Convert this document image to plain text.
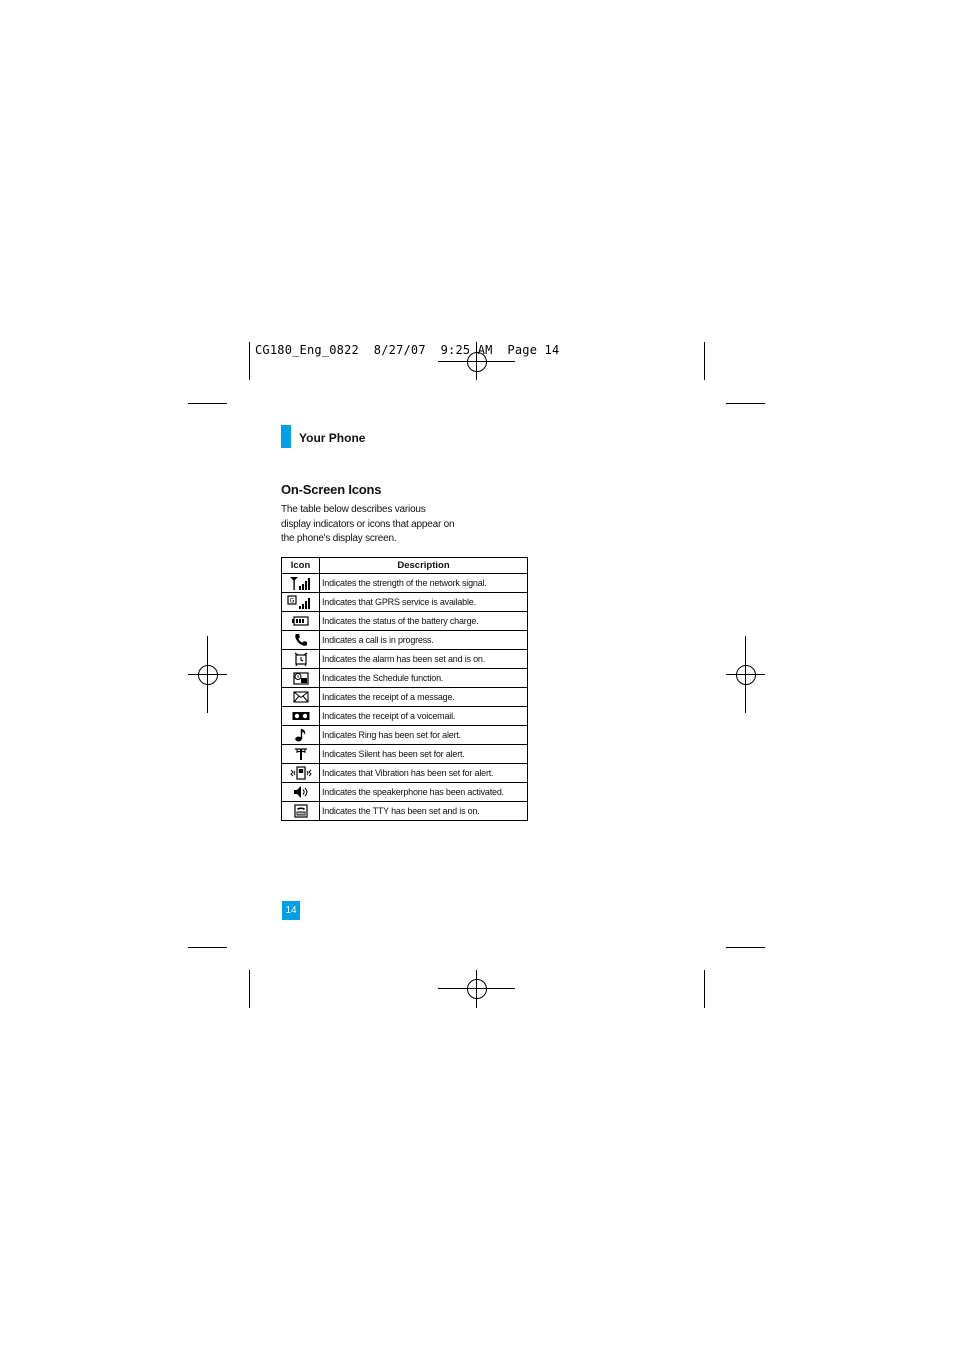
CG180_Eng_0822  8/27/07  9:25 AM  Page 14
Your Phone
On-Screen Icons
The table below describes various
display indicators or icons that appear on
the phone's display screen.
Icon	Description

	Indicates the strength of the network signal.

G	Indicates that GPRS service is available.

	Indicates the status of the battery charge.

	Indicates a call is in progress.

	Indicates the alarm has been set and is on.

	Indicates the Schedule function.

	Indicates the receipt of a message.

	Indicates the receipt of a voicemail.

	Indicates Ring has been set for alert.

	Indicates Silent has been set for alert.

	Indicates that Vibration has been set for alert.

	Indicates the speakerphone has been activated.

	Indicates the TTY has been set and is on.
14
